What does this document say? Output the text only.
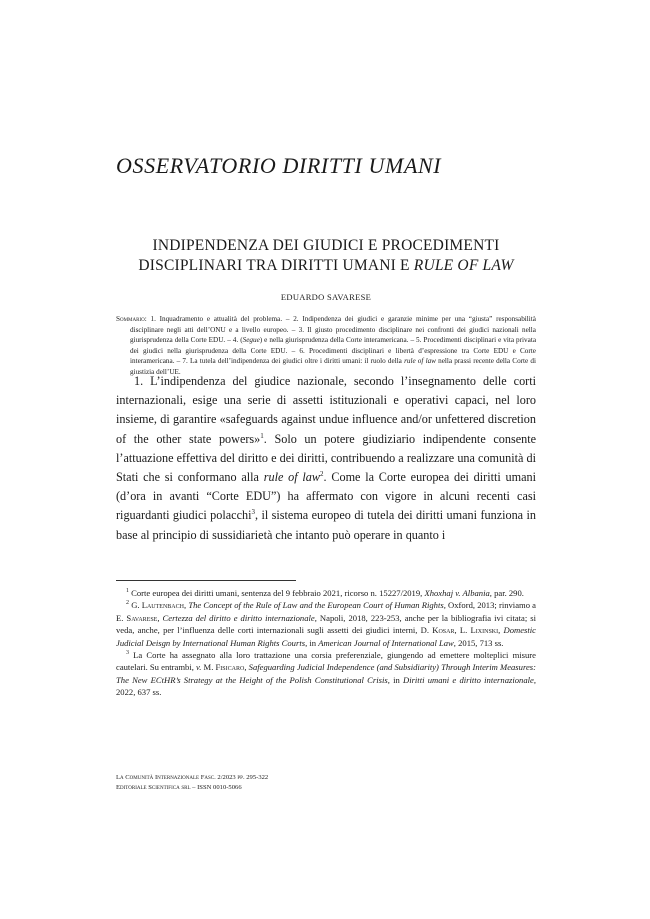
OSSERVATORIO DIRITTI UMANI
INDIPENDENZA DEI GIUDICI E PROCEDIMENTI
DISCIPLINARI TRA DIRITTI UMANI E RULE OF LAW
EDUARDO SAVARESE
Sommario: 1. Inquadramento e attualità del problema. – 2. Indipendenza dei giudici e garanzie minime per una “giusta” responsabilità disciplinare negli atti dell’ONU e a livello europeo. – 3. Il giusto procedimento disciplinare nei confronti dei giudici nazionali nella giurisprudenza della Corte EDU. – 4. (Segue) e nella giurisprudenza della Corte interamericana. – 5. Procedimenti disciplinari e vita privata dei giudici nella giurisprudenza della Corte EDU. – 6. Procedimenti disciplinari e libertà d’espressione tra Corte EDU e Corte interamericana. – 7. La tutela dell’indipendenza dei giudici oltre i diritti umani: il ruolo della rule of law nella prassi recente della Corte di giustizia dell’UE.

1. L’indipendenza del giudice nazionale, secondo l’insegnamento delle corti internazionali, esige una serie di assetti istituzionali e operativi capaci, nel loro insieme, di garantire «safeguards against undue influence and/or unfettered discretion of the other state powers»$^1$. Solo un potere giudiziario indipendente consente l’attuazione effettiva del diritto e dei diritti, contribuendo a realizzare una comunità di Stati che si conformano alla rule of law$^2$. Come la Corte europea dei diritti umani (d’ora in avanti “Corte EDU”) ha affermato con vigore in alcuni recenti casi riguardanti giudici polacchi$^3$, il sistema europeo di tutela dei diritti umani funziona in base al principio di sussidiarietà che intanto può operare in quanto i

$^1$ Corte europea dei diritti umani, sentenza del 9 febbraio 2021, ricorso n. 15227/2019, Xhoxhaj v. Albania, par. 290.
$^2$ G. Lautenbach, The Concept of the Rule of Law and the European Court of Human Rights, Oxford, 2013; rinviamo a E. Savarese, Certezza del diritto e diritto internazionale, Napoli, 2018, 223-253, anche per la bibliografia ivi citata; si veda, anche, per l’influenza delle corti internazionali sugli assetti dei giudici interni, D. Kosar, L. Lixinski, Domestic Judicial Deisgn by International Human Rights Courts, in American Journal of International Law, 2015, 713 ss.
$^3$ La Corte ha assegnato alla loro trattazione una corsia preferenziale, giungendo ad emettere molteplici misure cautelari. Su entrambi, v. M. Fisicaro, Safeguarding Judicial Independence (and Subsidiarity) Through Interim Measures: The New ECtHR’s Strategy at the Height of the Polish Constitutional Crisis, in Diritti umani e diritto internazionale, 2022, 637 ss.
La Comunità Internazionale Fasc. 2/2023 pp. 295-322
Editoriale Scientifica srl – ISSN 0010-5066
